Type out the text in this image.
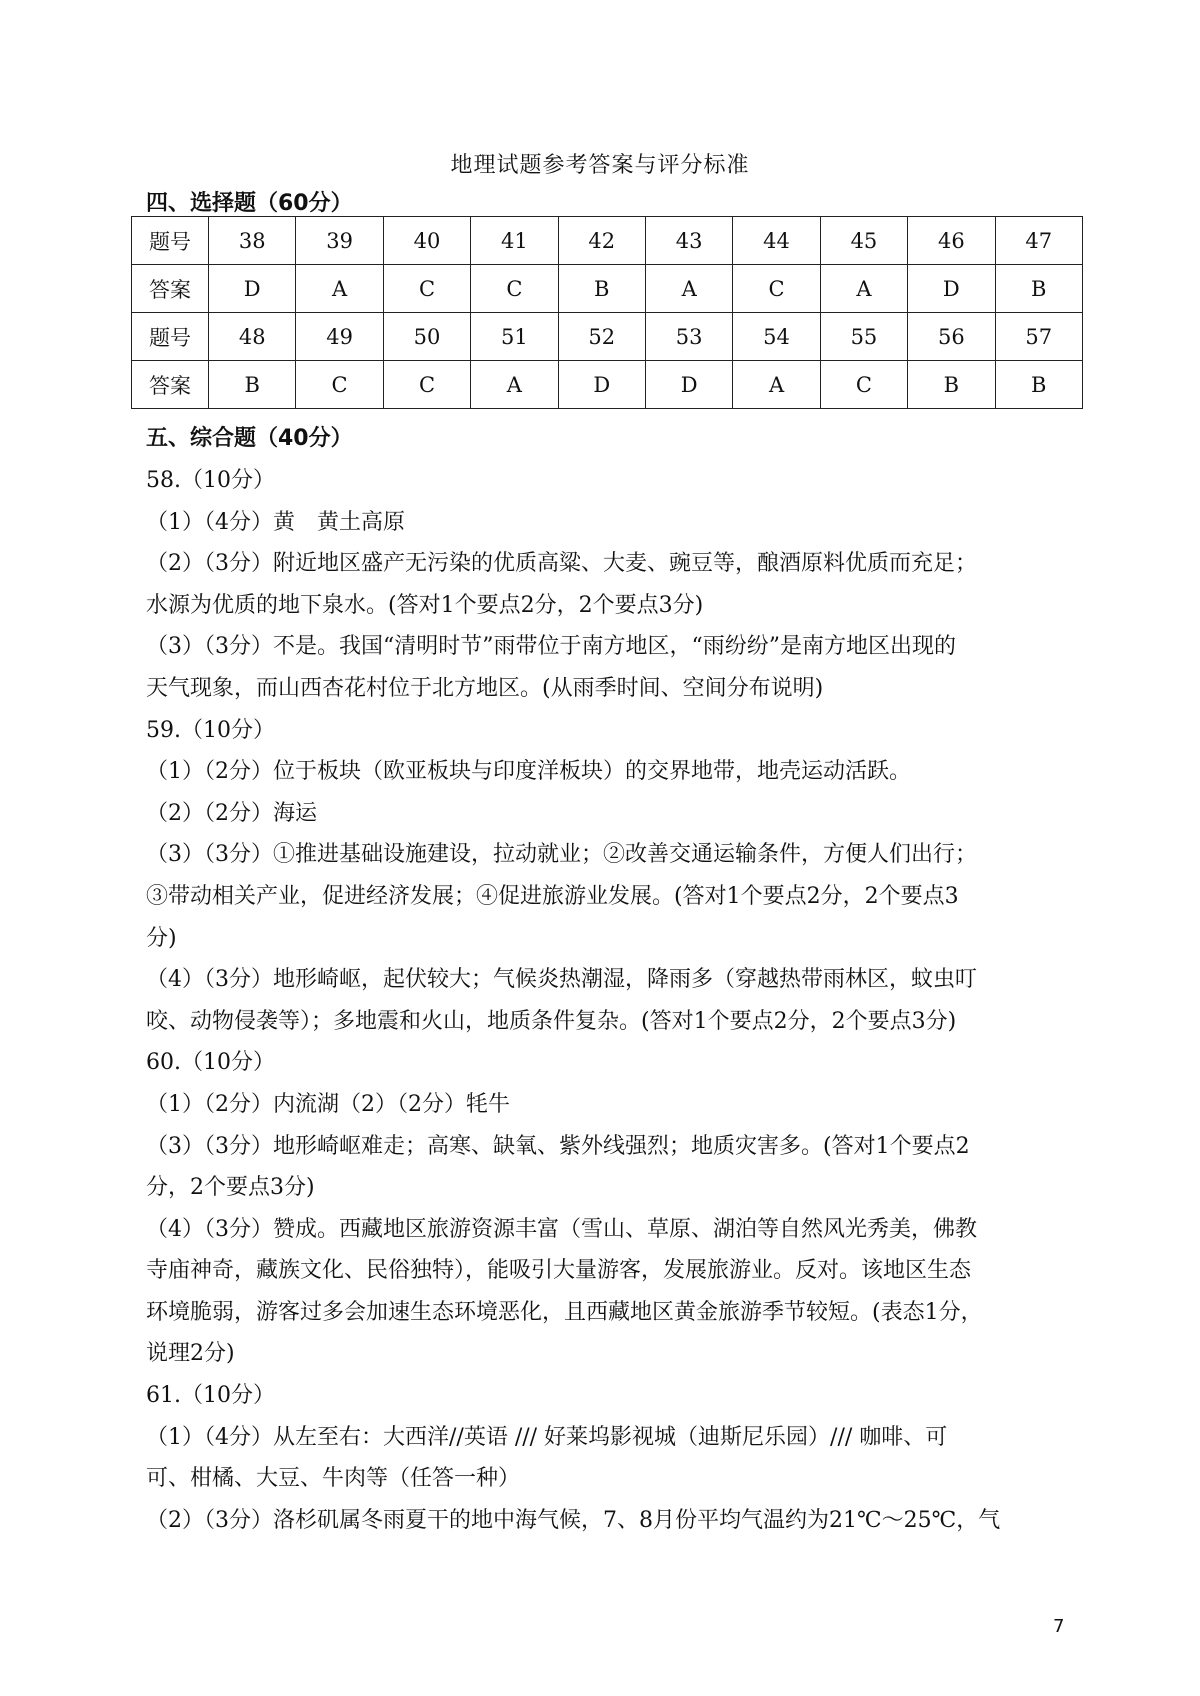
地理试题参考答案与评分标准
四、选择题（60分）
题号	38	39	40	41	42	43	44	45	46	47
答案	D	A	C	C	B	A	C	A	D	B
题号	48	49	50	51	52	53	54	55	56	57
答案	B	C	C	A	D	D	A	C	B	B
五、综合题（40分）
58.（10分）
（1）（4分）黄　黄土高原
（2）（3分）附近地区盛产无污染的优质高粱、大麦、豌豆等，酿酒原料优质而充足；
水源为优质的地下泉水。(答对1个要点2分，2个要点3分)
（3）（3分）不是。我国“清明时节”雨带位于南方地区，“雨纷纷”是南方地区出现的
天气现象，而山西杏花村位于北方地区。(从雨季时间、空间分布说明)
59.（10分）
（1）（2分）位于板块（欧亚板块与印度洋板块）的交界地带，地壳运动活跃。
（2）（2分）海运
（3）（3分）①推进基础设施建设，拉动就业；②改善交通运输条件，方便人们出行；
③带动相关产业，促进经济发展；④促进旅游业发展。(答对1个要点2分，2个要点3
分)
（4）（3分）地形崎岖，起伏较大；气候炎热潮湿，降雨多（穿越热带雨林区，蚊虫叮
咬、动物侵袭等）；多地震和火山，地质条件复杂。(答对1个要点2分，2个要点3分)
60.（10分）
（1）（2分）内流湖（2）（2分）牦牛
（3）（3分）地形崎岖难走；高寒、缺氧、紫外线强烈；地质灾害多。(答对1个要点2
分，2个要点3分)
（4）（3分）赞成。西藏地区旅游资源丰富（雪山、草原、湖泊等自然风光秀美，佛教
寺庙神奇，藏族文化、民俗独特），能吸引大量游客，发展旅游业。反对。该地区生态
环境脆弱，游客过多会加速生态环境恶化，且西藏地区黄金旅游季节较短。(表态1分，
说理2分)
61.（10分）
（1）（4分）从左至右：大西洋//英语 /// 好莱坞影视城（迪斯尼乐园）/// 咖啡、可
可、柑橘、大豆、牛肉等（任答一种）
（2）（3分）洛杉矶属冬雨夏干的地中海气候，7、8月份平均气温约为21℃～25℃，气
7
